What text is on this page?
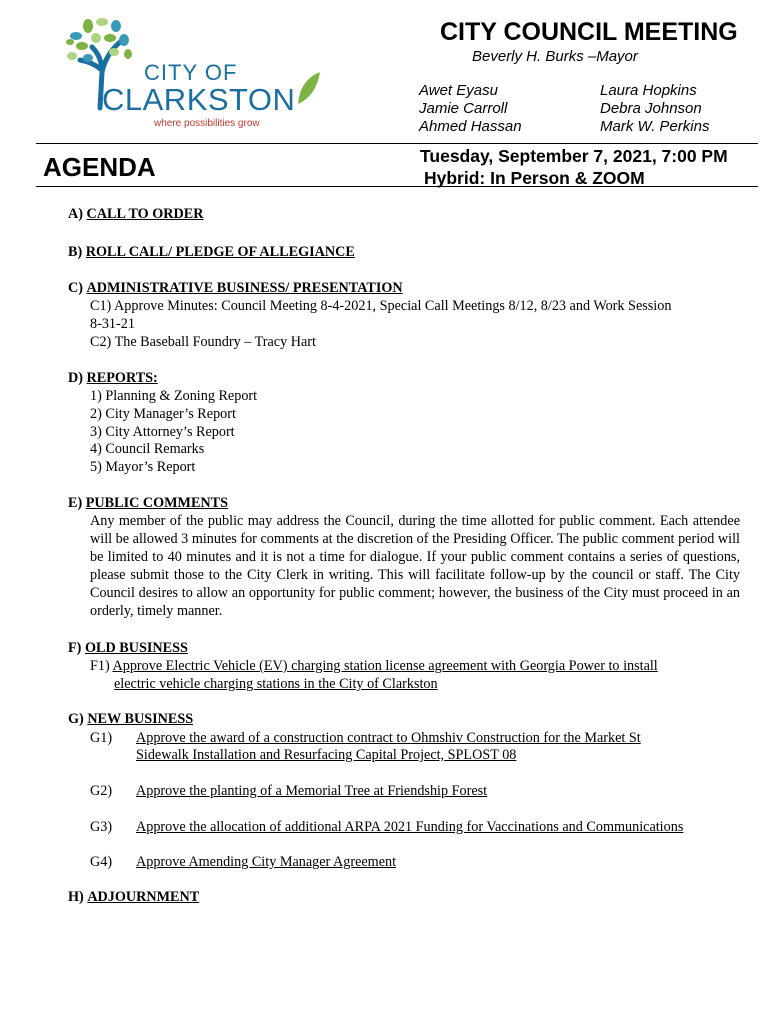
CITY OF
CLARKSTON
where possibilities grow
CITY COUNCIL MEETING
Beverly H. Burks –Mayor
Awet Eyasu
Jamie Carroll
Ahmed Hassan
Laura Hopkins
Debra Johnson
Mark W. Perkins
AGENDA	Tuesday, September 7, 2021, 7:00 PM
Hybrid: In Person & ZOOM
A) CALL TO ORDER
B) ROLL CALL/ PLEDGE OF ALLEGIANCE
C) ADMINISTRATIVE BUSINESS/ PRESENTATION
C1) Approve Minutes: Council Meeting 8-4-2021, Special Call Meetings 8/12, 8/23 and Work Session
8-31-21
C2) The Baseball Foundry – Tracy Hart
D) REPORTS:
1) Planning & Zoning Report
2) City Manager’s Report
3) City Attorney’s Report
4) Council Remarks
5) Mayor’s Report
E) PUBLIC COMMENTS
Any member of the public may address the Council, during the time allotted for public comment. Each attendee will be allowed 3 minutes for comments at the discretion of the Presiding Officer. The public comment period will be limited to 40 minutes and it is not a time for dialogue. If your public comment contains a series of questions, please submit those to the City Clerk in writing. This will facilitate follow-up by the council or staff. The City Council desires to allow an opportunity for public comment; however, the business of the City must proceed in an orderly, timely manner.
F) OLD BUSINESS
F1) Approve Electric Vehicle (EV) charging station license agreement with Georgia Power to install
electric vehicle charging stations in the City of Clarkston
G) NEW BUSINESS
G1) Approve the award of a construction contract to Ohmshiv Construction for the Market St
Sidewalk Installation and Resurfacing Capital Project, SPLOST 08
G2) Approve the planting of a Memorial Tree at Friendship Forest
G3) Approve the allocation of additional ARPA 2021 Funding for Vaccinations and Communications
G4) Approve Amending City Manager Agreement
H) ADJOURNMENT
